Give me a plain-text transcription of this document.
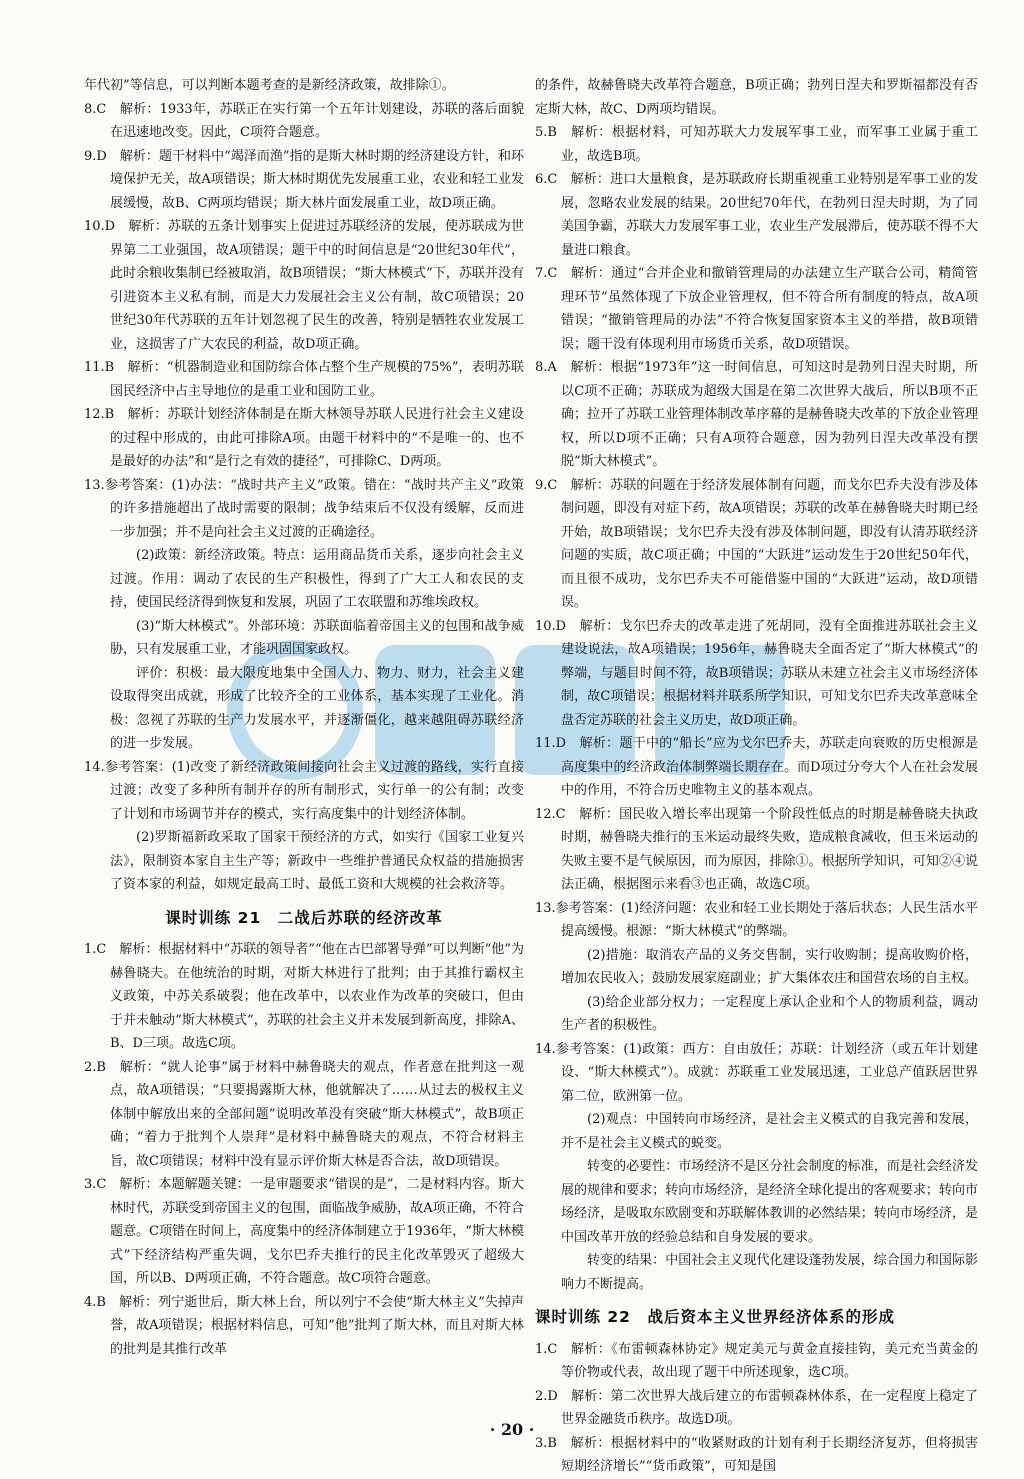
年代初”等信息，可以判断本题考查的是新经济政策，故排除①。

8.C　解析：1933年，苏联正在实行第一个五年计划建设，苏联的落后面貌在迅速地改变。因此，C项符合题意。

9.D　解析：题干材料中“竭泽而渔”指的是斯大林时期的经济建设方针，和环境保护无关，故A项错误；斯大林时期优先发展重工业，农业和轻工业发展缓慢，故B、C两项均错误；斯大林片面发展重工业，故D项正确。

10.D　解析：苏联的五条计划事实上促进过苏联经济的发展，使苏联成为世界第二工业强国，故A项错误；题干中的时间信息是“20世纪30年代”，此时余粮收集制已经被取消，故B项错误；“斯大林模式”下，苏联并没有引进资本主义私有制，而是大力发展社会主义公有制，故C项错误；20世纪30年代苏联的五年计划忽视了民生的改善，特别是牺牲农业发展工业，这损害了广大农民的利益，故D项正确。

11.B　解析：“机器制造业和国防综合体占整个生产规模的75%”，表明苏联国民经济中占主导地位的是重工业和国防工业。

12.B　解析：苏联计划经济体制是在斯大林领导苏联人民进行社会主义建设的过程中形成的，由此可排除A项。由题干材料中的“不是唯一的、也不是最好的办法”和“是行之有效的捷径”，可排除C、D两项。

13.参考答案：(1)办法：“战时共产主义”政策。错在：“战时共产主义”政策的许多措施超出了战时需要的限制；战争结束后不仅没有缓解，反而进一步加强；并不是向社会主义过渡的正确途径。

(2)政策：新经济政策。特点：运用商品货币关系，逐步向社会主义过渡。作用：调动了农民的生产积极性，得到了广大工人和农民的支持，使国民经济得到恢复和发展，巩固了工农联盟和苏维埃政权。

(3)“斯大林模式”。外部环境：苏联面临着帝国主义的包围和战争威胁，只有发展重工业，才能巩固国家政权。

评价：积极：最大限度地集中全国人力、物力、财力，社会主义建设取得突出成就，形成了比较齐全的工业体系，基本实现了工业化。消极：忽视了苏联的生产力发展水平，并逐渐僵化，越来越阻碍苏联经济的进一步发展。

14.参考答案：(1)改变了新经济政策间接向社会主义过渡的路线，实行直接过渡；改变了多种所有制并存的所有制形式，实行单一的公有制；改变了计划和市场调节并存的模式，实行高度集中的计划经济体制。

(2)罗斯福新政采取了国家干预经济的方式，如实行《国家工业复兴法》，限制资本家自主生产等；新政中一些维护普通民众权益的措施损害了资本家的利益，如规定最高工时、最低工资和大规模的社会救济等。

课时训练 21　二战后苏联的经济改革

1.C　解析：根据材料中“苏联的领导者”“他在古巴部署导弹”可以判断“他”为赫鲁晓夫。在他统治的时期，对斯大林进行了批判；由于其推行霸权主义政策，中苏关系破裂；他在改革中，以农业作为改革的突破口，但由于并未触动“斯大林模式”，苏联的社会主义并未发展到新高度，排除A、B、D三项。故选C项。

2.B　解析：“就人论事”属于材料中赫鲁晓夫的观点，作者意在批判这一观点，故A项错误；“只要揭露斯大林，他就解决了……从过去的极权主义体制中解放出来的全部问题”说明改革没有突破“斯大林模式”，故B项正确；“着力于批判个人崇拜”是材料中赫鲁晓夫的观点，不符合材料主旨，故C项错误；材料中没有显示评价斯大林是否合法，故D项错误。

3.C　解析：本题解题关键：一是审题要求“错误的是”，二是材料内容。斯大林时代，苏联受到帝国主义的包围，面临战争威胁，故A项正确，不符合题意。C项错在时间上，高度集中的经济体制建立于1936年，“斯大林模式”下经济结构严重失调，戈尔巴乔夫推行的民主化改革毁灭了超级大国，所以B、D两项正确，不符合题意。故C项符合题意。

4.B　解析：列宁逝世后，斯大林上台，所以列宁不会使“斯大林主义”失掉声誉，故A项错误；根据材料信息，可知“他”批判了斯大林，而且对斯大林的批判是其推行改革

的条件，故赫鲁晓夫改革符合题意，B项正确；勃列日涅夫和罗斯福都没有否定斯大林，故C、D两项均错误。

5.B　解析：根据材料，可知苏联大力发展军事工业，而军事工业属于重工业，故选B项。

6.C　解析：进口大量粮食，是苏联政府长期重视重工业特别是军事工业的发展，忽略农业发展的结果。20世纪70年代，在勃列日涅夫时期，为了同美国争霸，苏联大力发展军事工业，农业生产发展滞后，使苏联不得不大量进口粮食。

7.C　解析：通过“合并企业和撤销管理局的办法建立生产联合公司，精简管理环节”虽然体现了下放企业管理权，但不符合所有制度的特点，故A项错误；“撤销管理局的办法”不符合恢复国家资本主义的举措，故B项错误；题干没有体现利用市场货币关系，故D项错误。

8.A　解析：根据“1973年”这一时间信息，可知这时是勃列日涅夫时期，所以C项不正确；苏联成为超级大国是在第二次世界大战后，所以B项不正确；拉开了苏联工业管理体制改革序幕的是赫鲁晓夫改革的下放企业管理权，所以D项不正确；只有A项符合题意，因为勃列日涅夫改革没有摆脱“斯大林模式”。

9.C　解析：苏联的问题在于经济发展体制有问题，而戈尔巴乔夫没有涉及体制问题，即没有对症下药，故A项错误；苏联的改革在赫鲁晓夫时期已经开始，故B项错误；戈尔巴乔夫没有涉及体制问题，即没有认清苏联经济问题的实质，故C项正确；中国的“大跃进”运动发生于20世纪50年代，而且很不成功，戈尔巴乔夫不可能借鉴中国的“大跃进”运动，故D项错误。

10.D　解析：戈尔巴乔夫的改革走进了死胡同，没有全面推进苏联社会主义建设说法，故A项错误；1956年，赫鲁晓夫全面否定了“斯大林模式”的弊端，与题目时间不符，故B项错误；苏联从未建立社会主义市场经济体制，故C项错误；根据材料并联系所学知识，可知戈尔巴乔夫改革意味全盘否定苏联的社会主义历史，故D项正确。

11.D　解析：题干中的“船长”应为戈尔巴乔夫，苏联走向衰败的历史根源是高度集中的经济政治体制弊端长期存在。而D项过分夸大个人在社会发展中的作用，不符合历史唯物主义的基本观点。

12.C　解析：国民收入增长率出现第一个阶段性低点的时期是赫鲁晓夫执政时期，赫鲁晓夫推行的玉米运动最终失败，造成粮食减收，但玉米运动的失败主要不是气候原因，而为原因，排除①。根据所学知识，可知②④说法正确，根据图示来看③也正确，故选C项。

13.参考答案：(1)经济问题：农业和轻工业长期处于落后状态；人民生活水平提高缓慢。根源：“斯大林模式”的弊端。

(2)措施：取消农产品的义务交售制，实行收购制；提高收购价格，增加农民收入；鼓励发展家庭副业；扩大集体农庄和国营农场的自主权。

(3)给企业部分权力；一定程度上承认企业和个人的物质利益，调动生产者的积极性。

14.参考答案：(1)政策：西方：自由放任；苏联：计划经济（或五年计划建设、“斯大林模式”）。成就：苏联重工业发展迅速，工业总产值跃居世界第二位，欧洲第一位。

(2)观点：中国转向市场经济，是社会主义模式的自我完善和发展，并不是社会主义模式的蜕变。

转变的必要性：市场经济不是区分社会制度的标准，而是社会经济发展的规律和要求；转向市场经济，是经济全球化提出的客观要求；转向市场经济，是吸取东欧剧变和苏联解体教训的必然结果；转向市场经济，是中国改革开放的经验总结和自身发展的要求。

转变的结果：中国社会主义现代化建设蓬勃发展，综合国力和国际影响力不断提高。

课时训练 22　战后资本主义世界经济体系的形成

1.C　解析：《布雷顿森林协定》规定美元与黄金直接挂钩，美元充当黄金的等价物或代表，故出现了题干中所述现象，选C项。

2.D　解析：第二次世界大战后建立的布雷顿森林体系，在一定程度上稳定了世界金融货币秩序。故选D项。

3.B　解析：根据材料中的“收紧财政的计划有利于长期经济复苏，但将损害短期经济增长”“货币政策”，可知是国

· 20 ·
